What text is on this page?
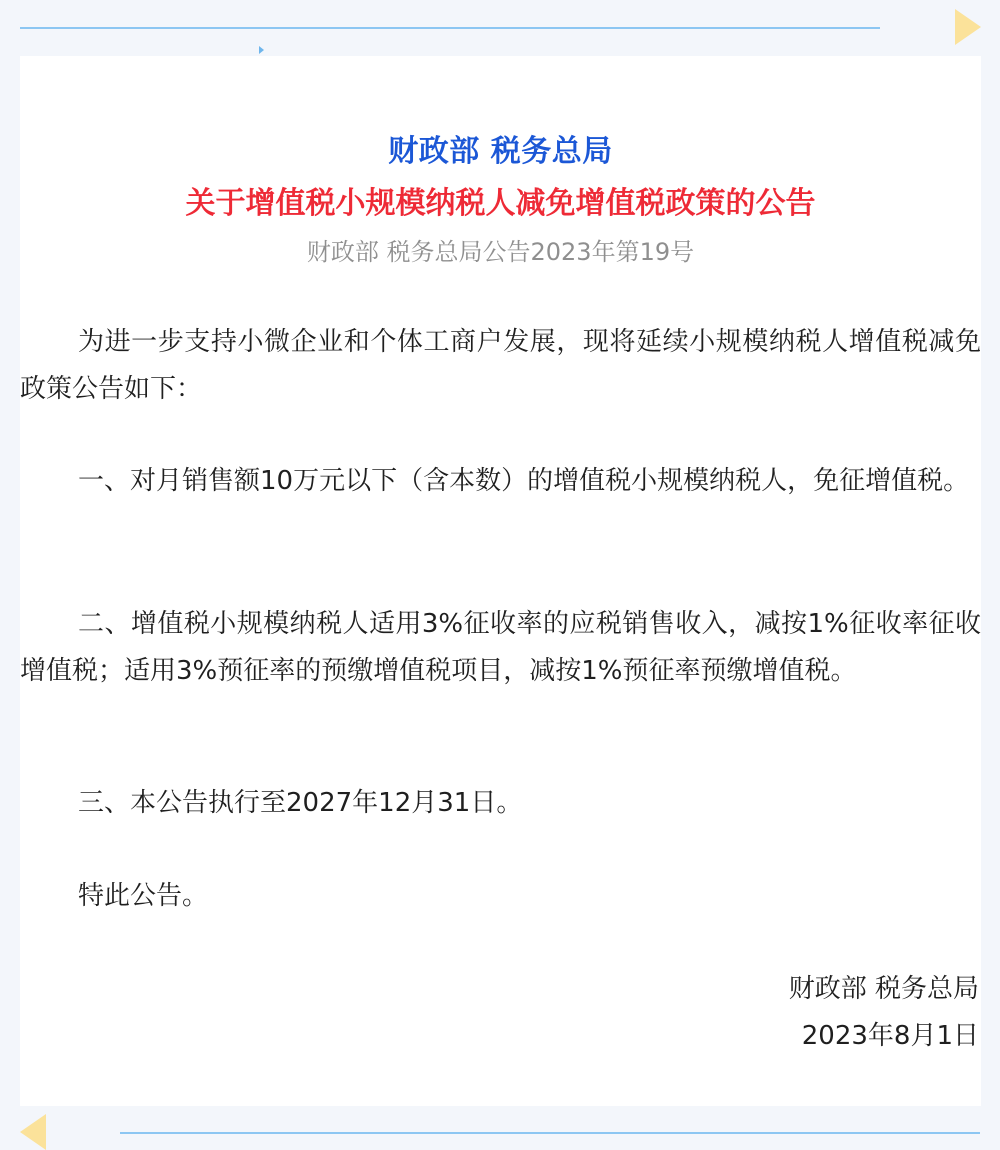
财政部 税务总局
关于增值税小规模纳税人减免增值税政策的公告
财政部 税务总局公告2023年第19号

为进一步支持小微企业和个体工商户发展，现将延续小规模纳税人增值税减免政策公告如下：

一、对月销售额10万元以下（含本数）的增值税小规模纳税人，免征增值税。

二、增值税小规模纳税人适用3%征收率的应税销售收入，减按1%征收率征收增值税；适用3%预征率的预缴增值税项目，减按1%预征率预缴增值税。

三、本公告执行至2027年12月31日。

特此公告。

财政部 税务总局
2023年8月1日
